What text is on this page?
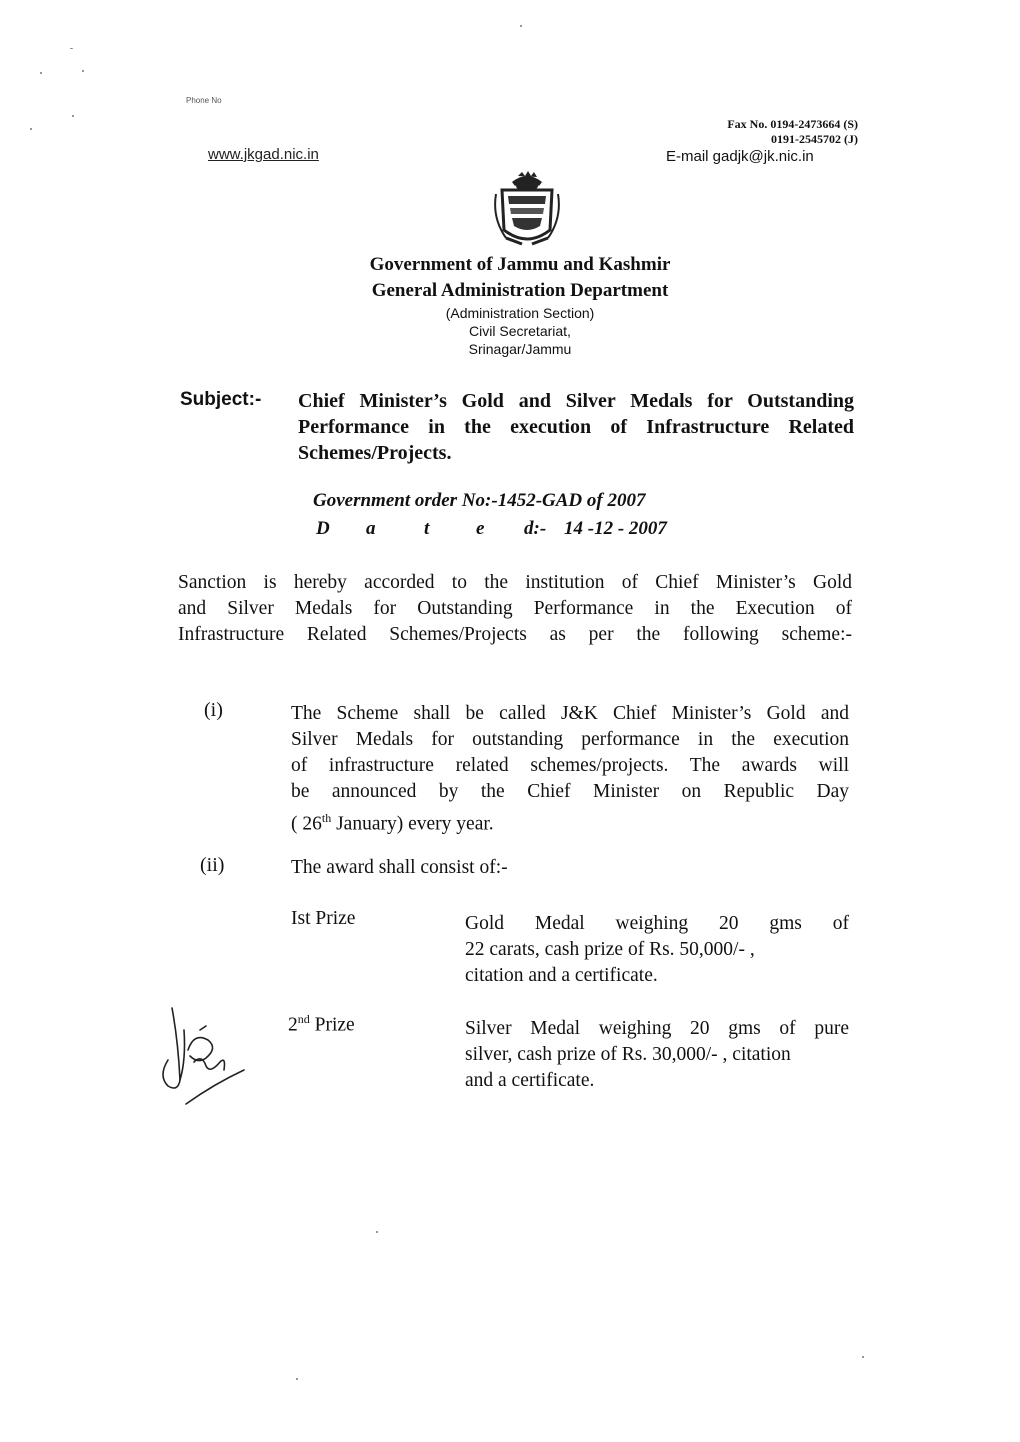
Phone No
www.jkgad.nic.in
Fax No. 0194-2473664 (S)
0191-2545702 (J)
E-mail gadjk@jk.nic.in
Government of Jammu and Kashmir
General Administration Department
(Administration Section)
Civil Secretariat,
Srinagar/Jammu
Subject:- Chief Minister’s Gold and Silver Medals for Outstanding
Performance in the execution of Infrastructure Related
Schemes/Projects.
Government order No:-1452-GAD of 2007
D a	t e d:- 14 -12 - 2007
Sanction is hereby accorded to the institution of Chief Minister’s Gold
and Silver Medals for Outstanding Performance in the Execution of
Infrastructure Related Schemes/Projects as per the following scheme:-
(i)	The Scheme shall be called J&K Chief Minister’s Gold and
Silver Medals for outstanding performance in the execution
of infrastructure related schemes/projects. The awards will
be announced by the Chief Minister on Republic Day
( 26th January) every year.
(ii)	The award shall consist of:-
Ist Prize	Gold Medal weighing 20 gms of
22 carats, cash prize of Rs. 50,000/- ,
citation and a certificate.
2nd Prize	Silver Medal weighing 20 gms of pure
silver, cash prize of Rs. 30,000/- , citation
and a certificate.
